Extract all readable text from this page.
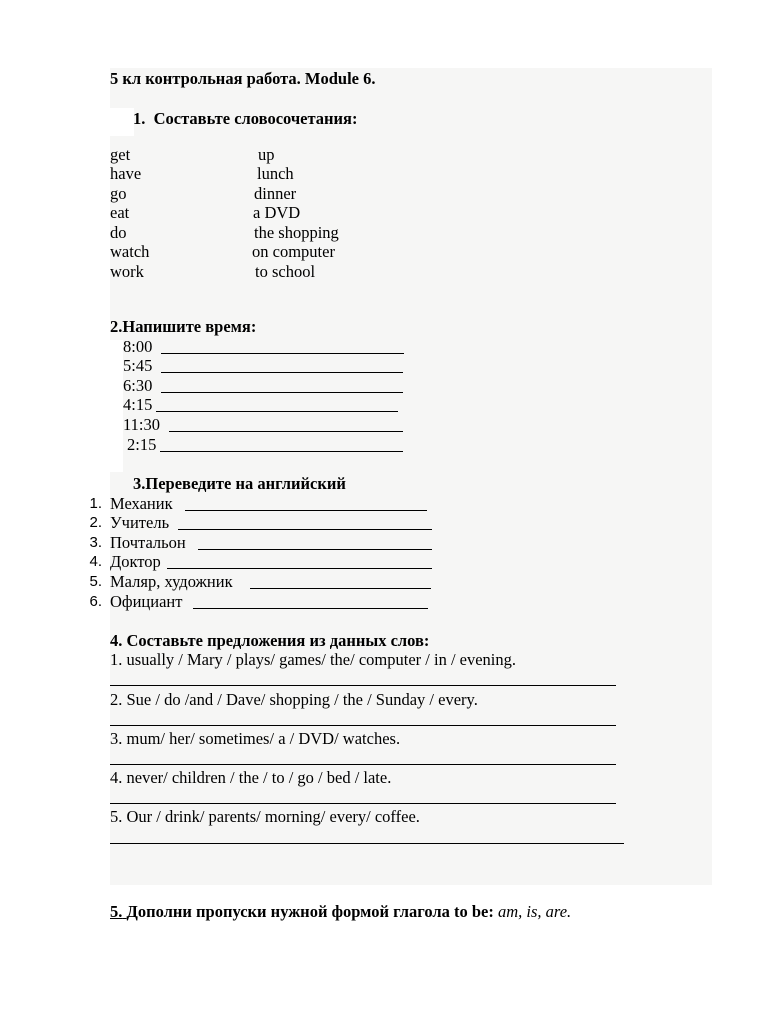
5 кл контрольная работа. Module 6.
1. Составьте словосочетания:
get
have
go
eat
do
watch
work
up
lunch
dinner
a DVD
the shopping
on computer
to school
2.Напишите время:
8:00
5:45
6:30
4:15
11:30
2:15
3.Переведите на английский
1. Механик
2. Учитель
3. Почтальон
4. Доктор
5. Маляр, художник
6. Официант
4. Составьте предложения из данных слов:
1. usually / Mary / plays/ games/ the/ computer / in / evening.
2. Sue / do /and / Dave/ shopping / the / Sunday / every.
3. mum/ her/ sometimes/ a / DVD/ watches.
4. never/ children / the / to / go / bed / late.
5. Our / drink/ parents/ morning/ every/ coffee.
5. Дополни пропуски нужной формой глагола to be: am, is, are.
